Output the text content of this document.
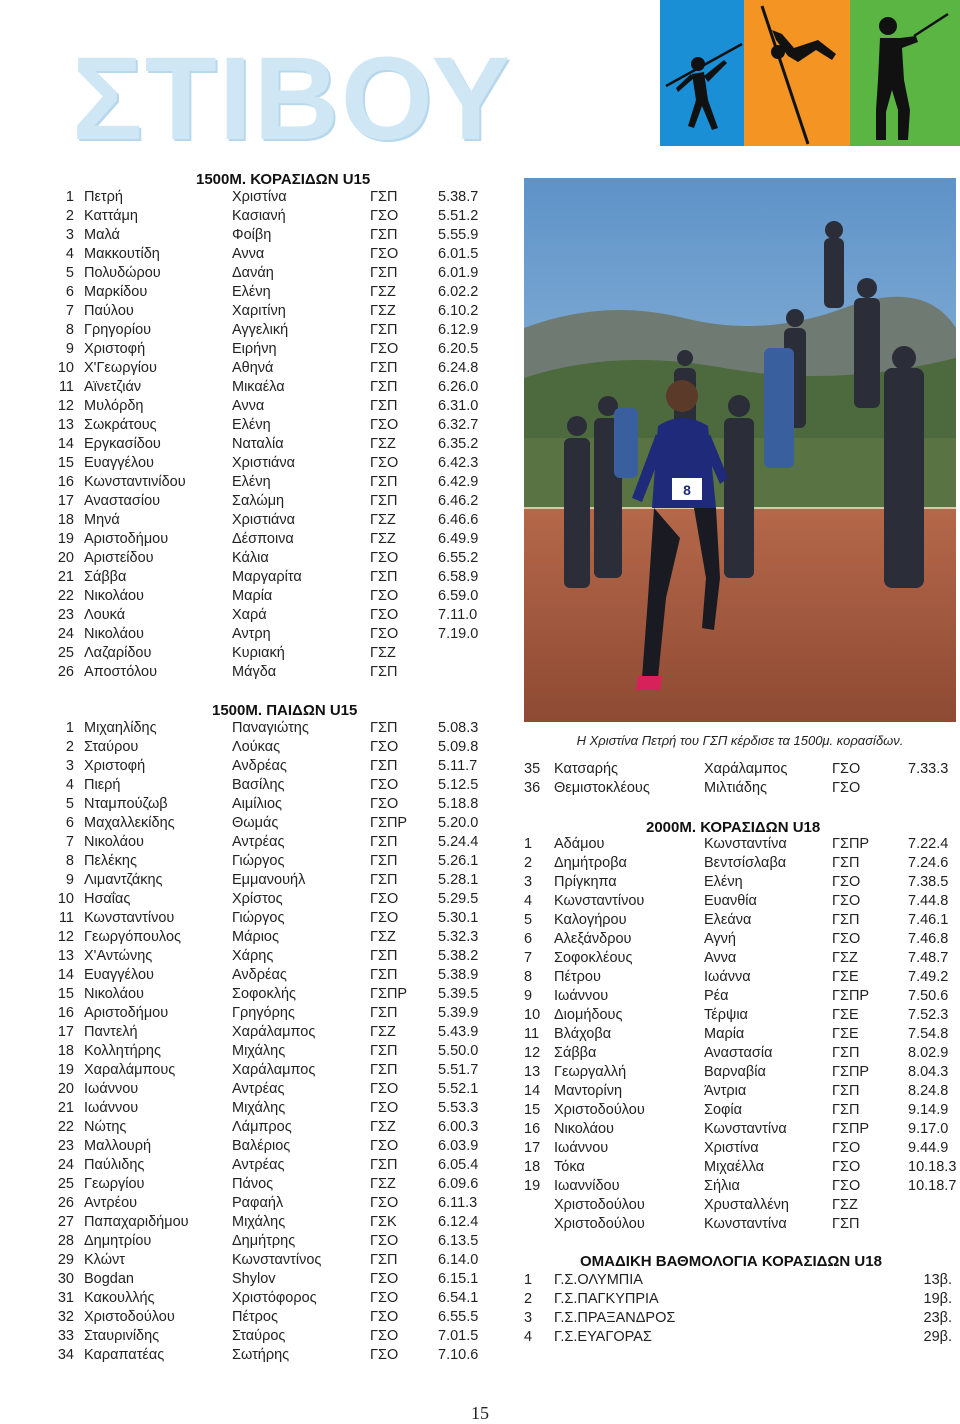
ΣΤΙΒΟΥ
1500Μ. ΚΟΡΑΣΙΔΩΝ U15
1 Πετρή	Χριστίνα	ΓΣΠ	5.38.7
2 Καττάμη	Κασιανή	ΓΣΟ	5.51.2
3 Μαλά	Φοίβη	ΓΣΠ	5.55.9
4 Μακκουτίδη	Αννα	ΓΣΟ	6.01.5
5 Πολυδώρου	Δανάη	ΓΣΠ	6.01.9
6 Μαρκίδου	Ελένη	ΓΣΖ	6.02.2
7 Παύλου	Χαριτίνη	ΓΣΖ	6.10.2
8 Γρηγορίου	Αγγελική	ΓΣΠ	6.12.9
9 Χριστοφή	Ειρήνη	ΓΣΟ	6.20.5
10 Χ'Γεωργίου	Αθηνά	ΓΣΠ	6.24.8
11 Αϊνετζιάν	Μικαέλα	ΓΣΠ	6.26.0
12 Μυλόρδη	Αννα	ΓΣΠ	6.31.0
13 Σωκράτους	Ελένη	ΓΣΟ	6.32.7
14 Εργκασίδου	Ναταλία	ΓΣΖ	6.35.2
15 Ευαγγέλου	Χριστιάνα	ΓΣΟ	6.42.3
16 Κωνσταντινίδου	Ελένη	ΓΣΠ	6.42.9
17 Αναστασίου	Σαλώμη	ΓΣΠ	6.46.2
18 Μηνά	Χριστιάνα	ΓΣΖ	6.46.6
19 Αριστοδήμου	Δέσποινα	ΓΣΖ	6.49.9
20 Αριστείδου	Κάλια	ΓΣΟ	6.55.2
21 Σάββα	Μαργαρίτα	ΓΣΠ	6.58.9
22 Νικολάου	Μαρία	ΓΣΟ	6.59.0
23 Λουκά	Χαρά	ΓΣΟ	7.11.0
24 Νικολάου	Αντρη	ΓΣΟ	7.19.0
25 Λαζαρίδου	Κυριακή	ΓΣΖ
26 Αποστόλου	Μάγδα	ΓΣΠ
1500Μ. ΠΑΙΔΩΝ U15
1 Μιχαηλίδης	Παναγιώτης	ΓΣΠ	5.08.3
2 Σταύρου	Λούκας	ΓΣΟ	5.09.8
3 Χριστοφή	Ανδρέας	ΓΣΠ	5.11.7
4 Πιερή	Βασίλης	ΓΣΟ	5.12.5
5 Νταμπούζωβ	Αιμίλιος	ΓΣΟ	5.18.8
6 Μαχαλλεκίδης	Θωμάς	ΓΣΠΡ 5.20.0
7 Νικολάου	Αντρέας	ΓΣΠ	5.24.4
8 Πελέκης	Γιώργος	ΓΣΠ	5.26.1
9 Λιμαντζάκης	Εμμανουήλ	ΓΣΠ	5.28.1
10 Ησαΐας	Χρίστος	ΓΣΟ	5.29.5
11 Κωνσταντίνου	Γιώργος	ΓΣΟ	5.30.1
12 Γεωργόπουλος	Μάριος	ΓΣΖ	5.32.3
13 Χ'Αντώνης	Χάρης	ΓΣΠ	5.38.2
14 Ευαγγέλου	Ανδρέας	ΓΣΠ	5.38.9
15 Νικολάου	Σοφοκλής	ΓΣΠΡ 5.39.5
16 Αριστοδήμου	Γρηγόρης	ΓΣΠ	5.39.9
17 Παντελή	Χαράλαμπος	ΓΣΖ	5.43.9
18 Κολλητήρης	Μιχάλης	ΓΣΠ	5.50.0
19 Χαραλάμπους	Χαράλαμπος	ΓΣΠ	5.51.7
20 Ιωάννου	Αντρέας	ΓΣΟ	5.52.1
21 Ιωάννου	Μιχάλης	ΓΣΟ	5.53.3
22 Νώτης	Λάμπρος	ΓΣΖ	6.00.3
23 Μαλλουρή	Βαλέριος	ΓΣΟ	6.03.9
24 Παύλιδης	Αντρέας	ΓΣΠ	6.05.4
25 Γεωργίου	Πάνος	ΓΣΖ	6.09.6
26 Αντρέου	Ραφαήλ	ΓΣΟ	6.11.3
27 Παπαχαριδήμου	Μιχάλης	ΓΣΚ	6.12.4
28 Δημητρίου	Δημήτρης	ΓΣΟ	6.13.5
29 Κλώντ	Κωνσταντίνος	ΓΣΠ	6.14.0
30 Bogdan	Shylov	ΓΣΟ	6.15.1
31 Κακουλλής	Χριστόφορος	ΓΣΟ	6.54.1
32 Χριστοδούλου	Πέτρος	ΓΣΟ	6.55.5
33 Σταυρινίδης	Σταύρος	ΓΣΟ	7.01.5
34 Καραπατέας	Σωτήρης	ΓΣΟ	7.10.6
8
Η Χριστίνα Πετρή του ΓΣΠ κέρδισε τα 1500μ. κορασίδων.
35 Κατσαρής	Χαράλαμπος	ΓΣΟ	7.33.3
36 Θεμιστοκλέους	Μιλτιάδης	ΓΣΟ
2000Μ. ΚΟΡΑΣΙΔΩΝ U18
1	Αδάμου	Κωνσταντίνα	ΓΣΠΡ	7.22.4
2	Δημήτροβα	Βεντσίσλαβα	ΓΣΠ	7.24.6
3	Πρίγκηπα	Ελένη	ΓΣΟ	7.38.5
4	Κωνσταντίνου	Ευανθία	ΓΣΟ	7.44.8
5	Καλογήρου	Ελεάνα	ΓΣΠ	7.46.1
6	Αλεξάνδρου	Αγνή	ΓΣΟ	7.46.8
7	Σοφοκλέους	Αννα	ΓΣΖ	7.48.7
8	Πέτρου	Ιωάννα	ΓΣΕ	7.49.2
9	Ιωάννου	Ρέα	ΓΣΠΡ	7.50.6
10 Διομήδους	Τέρψια	ΓΣΕ	7.52.3
11 Βλάχοβα	Μαρία	ΓΣΕ	7.54.8
12 Σάββα	Αναστασία	ΓΣΠ	8.02.9
13 Γεωργαλλή	Βαρναβία	ΓΣΠΡ	8.04.3
14 Μαντορίνη	Άντρια	ΓΣΠ	8.24.8
15 Χριστοδούλου	Σοφία	ΓΣΠ	9.14.9
16 Νικολάου	Κωνσταντίνα	ΓΣΠΡ	9.17.0
17 Ιωάννου	Χριστίνα	ΓΣΟ	9.44.9
18 Τόκα	Μιχαέλλα	ΓΣΟ	10.18.3
19 Ιωαννίδου	Σήλια	ΓΣΟ	10.18.7
Χριστοδούλου	Χρυσταλλένη	ΓΣΖ
Χριστοδούλου	Κωνσταντίνα	ΓΣΠ
ΟΜΑΔΙΚΗ ΒΑΘΜΟΛΟΓΙΑ ΚΟΡΑΣΙΔΩΝ U18
1	Γ.Σ.ΟΛΥΜΠΙΑ	13β.
2	Γ.Σ.ΠΑΓΚΥΠΡΙΑ	19β.
3	Γ.Σ.ΠΡΑΞΑΝΔΡΟΣ	23β.
4	Γ.Σ.ΕΥΑΓΟΡΑΣ	29β.
15
